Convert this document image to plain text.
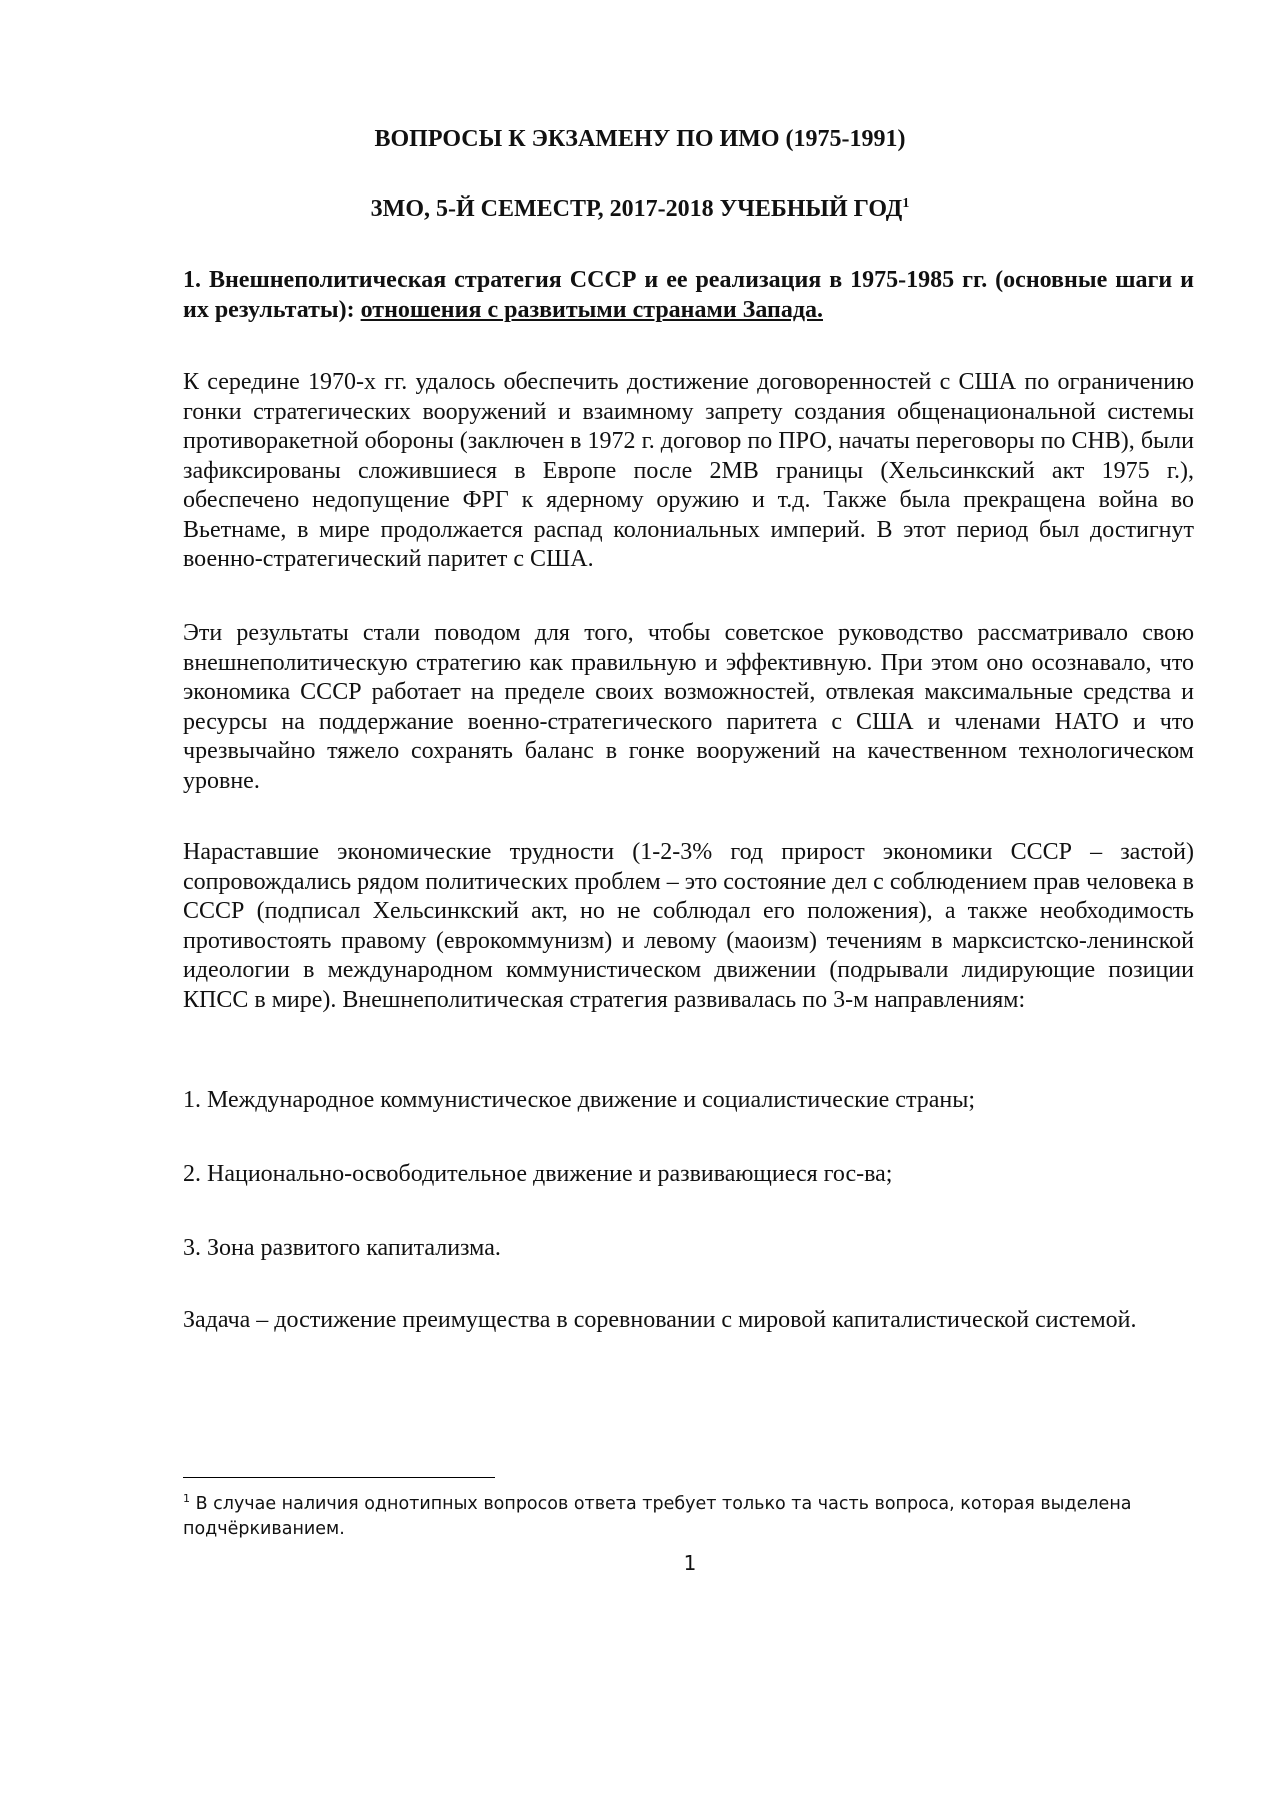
ВОПРОСЫ К ЭКЗАМЕНУ ПО ИМО (1975-1991)
3МО, 5-Й СЕМЕСТР, 2017-2018 УЧЕБНЫЙ ГОД$^1$

1. Внешнеполитическая стратегия СССР и ее реализация в 1975-1985 гг. (основные шаги и их результаты): отношения с развитыми странами Запада.

К середине 1970-х гг. удалось обеспечить достижение договоренностей с США по ограничению гонки стратегических вооружений и взаимному запрету создания общенациональной системы противоракетной обороны (заключен в 1972 г. договор по ПРО, начаты переговоры по СНВ), были зафиксированы сложившиеся в Европе после 2МВ границы (Хельсинкский акт 1975 г.), обеспечено недопущение ФРГ к ядерному оружию и т.д. Также была прекращена война во Вьетнаме, в мире продолжается распад колониальных империй. В этот период был достигнут военно-стратегический паритет с США.

Эти результаты стали поводом для того, чтобы советское руководство рассматривало свою внешнеполитическую стратегию как правильную и эффективную. При этом оно осознавало, что экономика СССР работает на пределе своих возможностей, отвлекая максимальные средства и ресурсы на поддержание военно-стратегического паритета с США и членами НАТО и что чрезвычайно тяжело сохранять баланс в гонке вооружений на качественном технологическом уровне.

Нараставшие экономические трудности (1-2-3% год прирост экономики СССР – застой) сопровождались рядом политических проблем – это состояние дел с соблюдением прав человека в СССР (подписал Хельсинкский акт, но не соблюдал его положения), а также необходимость противостоять правому (еврокоммунизм) и левому (маоизм) течениям в марксистско-ленинской идеологии в международном коммунистическом движении (подрывали лидирующие позиции КПСС в мире). Внешнеполитическая стратегия развивалась по 3-м направлениям:

1. Международное коммунистическое движение и социалистические страны;

2. Национально-освободительное движение и развивающиеся гос-ва;

3. Зона развитого капитализма.

Задача – достижение преимущества в соревновании с мировой капиталистической системой.

$^1$ В случае наличия однотипных вопросов ответа требует только та часть вопроса, которая выделена подчёркиванием.

1
